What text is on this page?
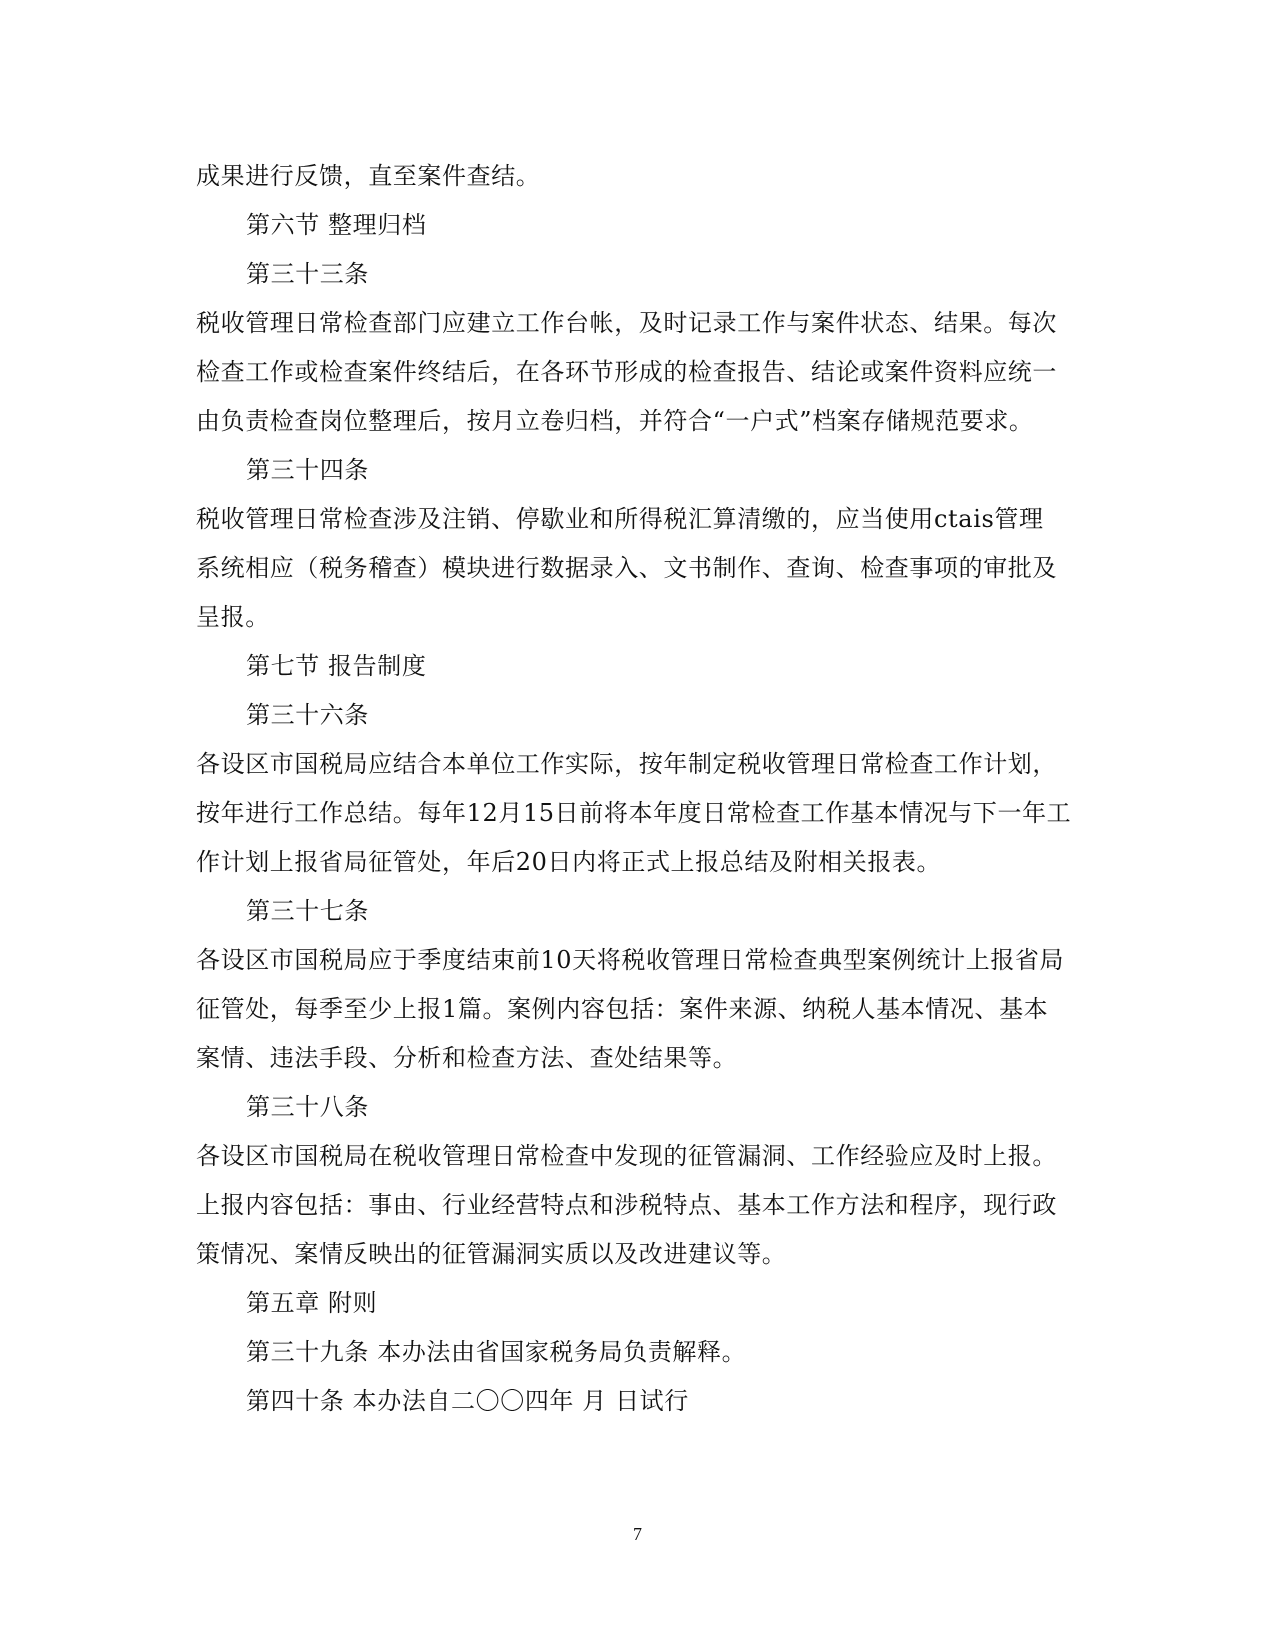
成果进行反馈，直至案件查结。
第六节 整理归档
第三十三条
税收管理日常检查部门应建立工作台帐，及时记录工作与案件状态、结果。每次
检查工作或检查案件终结后，在各环节形成的检查报告、结论或案件资料应统一
由负责检查岗位整理后，按月立卷归档，并符合“一户式”档案存储规范要求。
第三十四条
税收管理日常检查涉及注销、停歇业和所得税汇算清缴的，应当使用ctais管理
系统相应（税务稽查）模块进行数据录入、文书制作、查询、检查事项的审批及
呈报。
第七节 报告制度
第三十六条
各设区市国税局应结合本单位工作实际，按年制定税收管理日常检查工作计划，
按年进行工作总结。每年12月15日前将本年度日常检查工作基本情况与下一年工
作计划上报省局征管处，年后20日内将正式上报总结及附相关报表。
第三十七条
各设区市国税局应于季度结束前10天将税收管理日常检查典型案例统计上报省局
征管处，每季至少上报1篇。案例内容包括：案件来源、纳税人基本情况、基本
案情、违法手段、分析和检查方法、查处结果等。
第三十八条
各设区市国税局在税收管理日常检查中发现的征管漏洞、工作经验应及时上报。
上报内容包括：事由、行业经营特点和涉税特点、基本工作方法和程序，现行政
策情况、案情反映出的征管漏洞实质以及改进建议等。
第五章 附则
第三十九条 本办法由省国家税务局负责解释。
第四十条 本办法自二〇〇四年 月 日试行
7
